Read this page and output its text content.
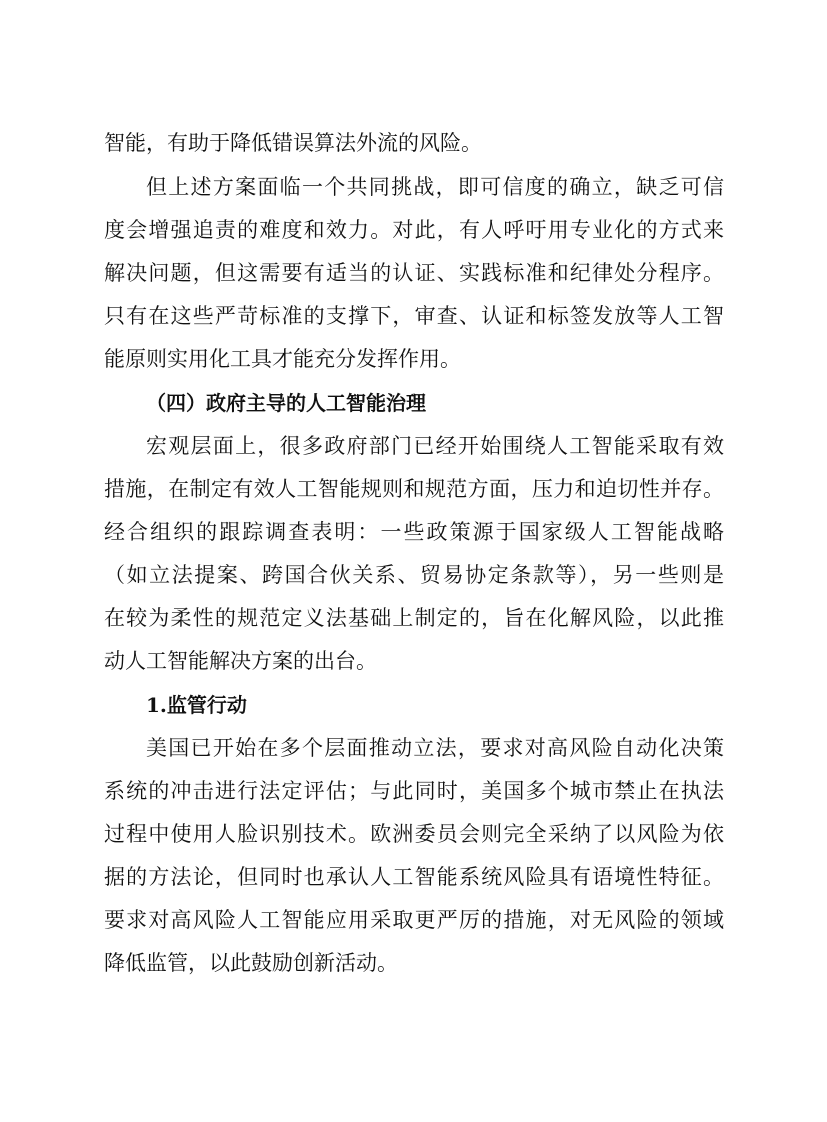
智能，有助于降低错误算法外流的风险。
但上述方案面临一个共同挑战，即可信度的确立，缺乏可信
度会增强追责的难度和效力。对此，有人呼吁用专业化的方式来
解决问题，但这需要有适当的认证、实践标准和纪律处分程序。
只有在这些严苛标准的支撑下，审查、认证和标签发放等人工智
能原则实用化工具才能充分发挥作用。
（四）政府主导的人工智能治理
宏观层面上，很多政府部门已经开始围绕人工智能采取有效
措施，在制定有效人工智能规则和规范方面，压力和迫切性并存。
经合组织的跟踪调查表明：一些政策源于国家级人工智能战略
（如立法提案、跨国合伙关系、贸易协定条款等），另一些则是
在较为柔性的规范定义法基础上制定的，旨在化解风险，以此推
动人工智能解决方案的出台。
1.监管行动
美国已开始在多个层面推动立法，要求对高风险自动化决策
系统的冲击进行法定评估；与此同时，美国多个城市禁止在执法
过程中使用人脸识别技术。欧洲委员会则完全采纳了以风险为依
据的方法论，但同时也承认人工智能系统风险具有语境性特征。
要求对高风险人工智能应用采取更严厉的措施，对无风险的领域
降低监管，以此鼓励创新活动。
